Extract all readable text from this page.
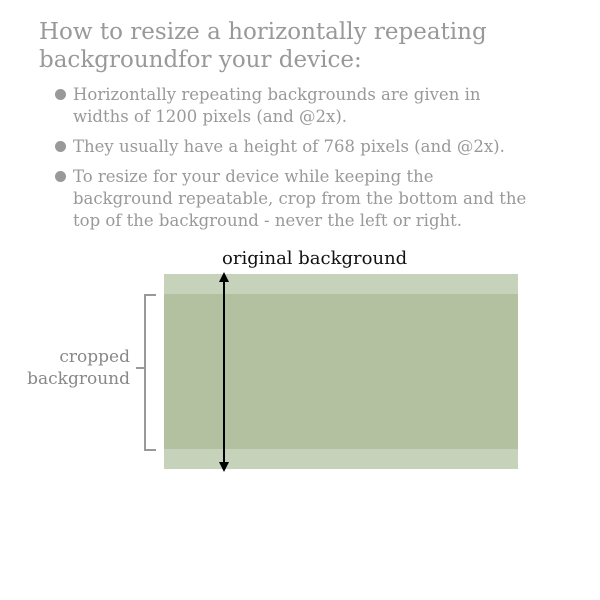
How to resize a horizontally repeating backgroundfor your device:
Horizontally repeating backgrounds are given in widths of 1200 pixels (and @2x).
They usually have a height of 768 pixels (and @2x).
To resize for your device while keeping the background repeatable, crop from the bottom and the top of the background - never the left or right.
original background
cropped
background
